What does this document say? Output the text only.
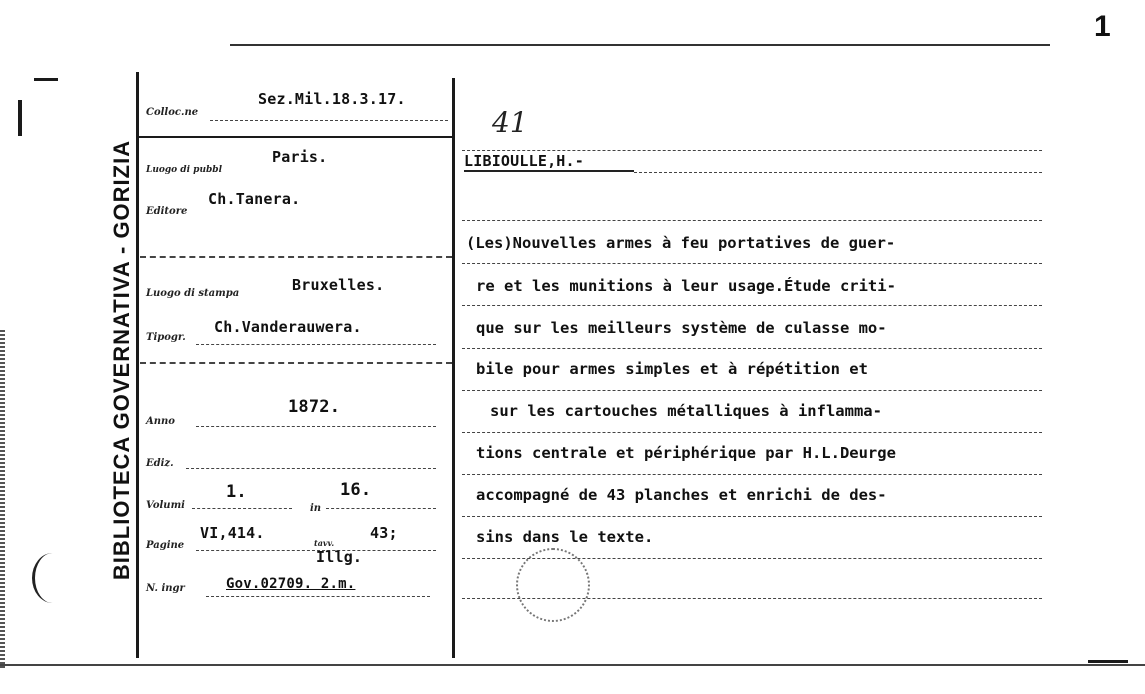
1
BIBLIOTECA GOVERNATIVA - GORIZIA
Colloc.ne
Sez.Mil.18.3.17.
Luogo di pubbl
Paris.
Editore
Ch.Tanera.
Luogo di stampa	Bruxelles.
Tipogr.
Ch.Vanderauwera.
Anno
1872.
Ediz.
Volumi
1.
in
16.
Pagine
VI,414.
tavv.
43;
Illg.
N. ingr	Gov.02709. 2.m.
41
LIBIOULLE,H.-
(Les)Nouvelles armes à feu portatives de guer-
re et les munitions à leur usage.Étude criti-
que sur les meilleurs système de culasse mo-
bile pour armes simples et à répétition et
sur les cartouches métalliques à inflamma-
tions centrale et périphérique par H.L.Deurge
accompagné de 43 planches et enrichi de des-
sins dans le texte.
